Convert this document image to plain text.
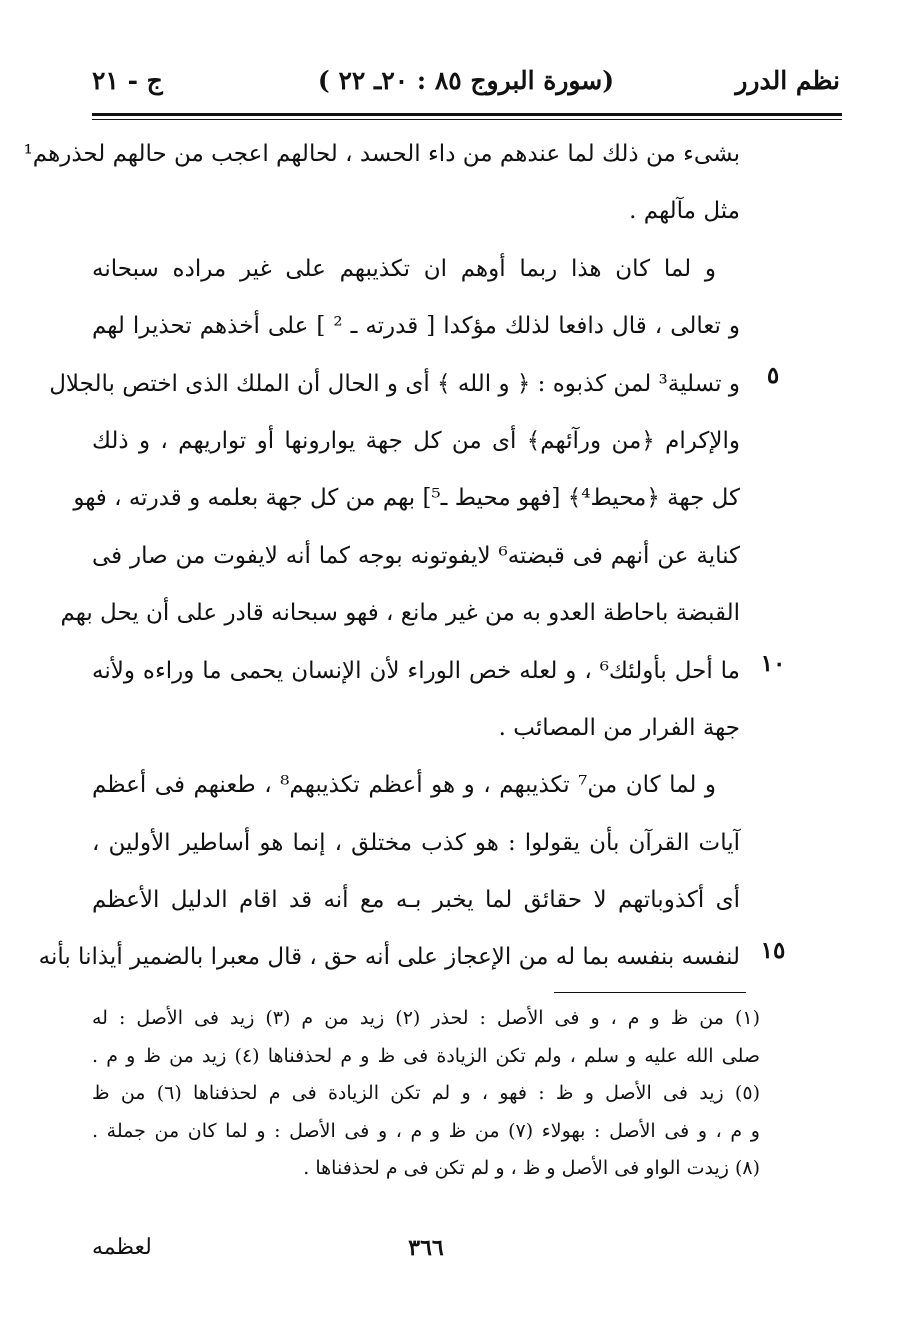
نظم الدرر
(سورة البروج ٨٥ : ٢٠ـ ٢٢ )
ج - ٢١
بشىء من ذلك لما عندهم من داء الحسد ، لحالهم اعجب من حالهم لحذرهم¹
مثل مآلهم .
و لما كان هذا ربما أوهم ان تكذيبهم على غير مراده سبحانه
و تعالى ، قال دافعا لذلك مؤكدا [ قدرته ـ ² ] على أخذهم تحذيرا لهم
و تسلية³ لمن كذبوه : ﴿ و الله ﴾ أى و الحال أن الملك الذى اختص بالجلال
والإكرام ﴿من ورآئهم﴾ أى من كل جهة يوارونها أو تواريهم ، و ذلك
كل جهة ﴿محيط⁴﴾ [فهو محيط ـ⁵] بهم من كل جهة بعلمه و قدرته ، فهو
كناية عن أنهم فى قبضته⁶ لايفوتونه بوجه كما أنه لايفوت من صار فى
القبضة باحاطة العدو به من غير مانع ، فهو سبحانه قادر على أن يحل بهم
ما أحل بأولئك⁶ ، و لعله خص الوراء لأن الإنسان يحمى ما وراءه ولأنه
جهة الفرار من المصائب .
و لما كان من⁷ تكذيبهم ، و هو أعظم تكذيبهم⁸ ، طعنهم فى أعظم
آيات القرآن بأن يقولوا : هو كذب مختلق ، إنما هو أساطير الأولين ،
أى أكذوباتهم لا حقائق لما يخبر بـه مع أنه قد اقام الدليل الأعظم
لنفسه بنفسه بما له من الإعجاز على أنه حق ، قال معبرا بالضمير أيذانا بأنه
٥
١٠
١٥
(١) من ظ و م ، و فى الأصل : لحذر (٢) زيد من م (٣) زيد فى الأصل : له
صلى الله عليه و سلم ، ولم تكن الزيادة فى ظ و م لحذفناها (٤) زيد من ظ و م .
(٥) زيد فى الأصل و ظ : فهو ، و لم تكن الزيادة فى م لحذفناها (٦) من ظ
و م ، و فى الأصل : بهولاء (٧) من ظ و م ، و فى الأصل : و لما كان من جملة .
(٨) زيدت الواو فى الأصل و ظ ، و لم تكن فى م لحذفناها .
٣٦٦
لعظمه
